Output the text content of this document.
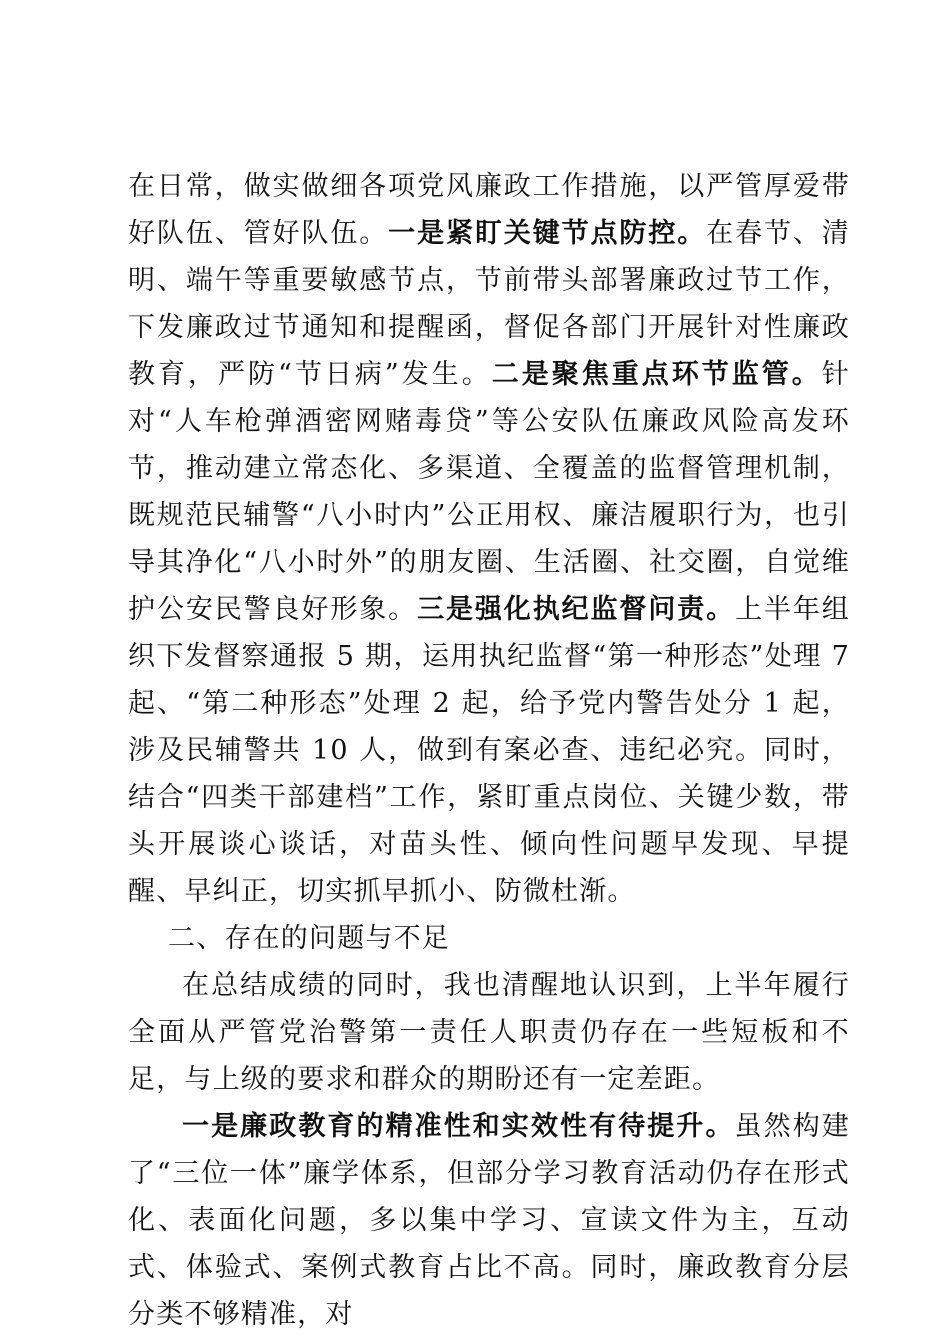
在日常，做实做细各项党风廉政工作措施，以严管厚爱带好队伍、管好队伍。一是紧盯关键节点防控。在春节、清明、端午等重要敏感节点，节前带头部署廉政过节工作，下发廉政过节通知和提醒函，督促各部门开展针对性廉政教育，严防“节日病”发生。二是聚焦重点环节监管。针对“人车枪弹酒密网赌毒贷”等公安队伍廉政风险高发环节，推动建立常态化、多渠道、全覆盖的监督管理机制，既规范民辅警“八小时内”公正用权、廉洁履职行为，也引导其净化“八小时外”的朋友圈、生活圈、社交圈，自觉维护公安民警良好形象。三是强化执纪监督问责。上半年组织下发督察通报 5 期，运用执纪监督“第一种形态”处理 7 起、“第二种形态”处理 2 起，给予党内警告处分 1 起，涉及民辅警共 10 人，做到有案必查、违纪必究。同时，结合“四类干部建档”工作，紧盯重点岗位、关键少数，带头开展谈心谈话，对苗头性、倾向性问题早发现、早提醒、早纠正，切实抓早抓小、防微杜渐。

二、存在的问题与不足

在总结成绩的同时，我也清醒地认识到，上半年履行全面从严管党治警第一责任人职责仍存在一些短板和不足，与上级的要求和群众的期盼还有一定差距。

一是廉政教育的精准性和实效性有待提升。虽然构建了“三位一体”廉学体系，但部分学习教育活动仍存在形式化、表面化问题，多以集中学习、宣读文件为主，互动式、体验式、案例式教育占比不高。同时，廉政教育分层分类不够精准，对
